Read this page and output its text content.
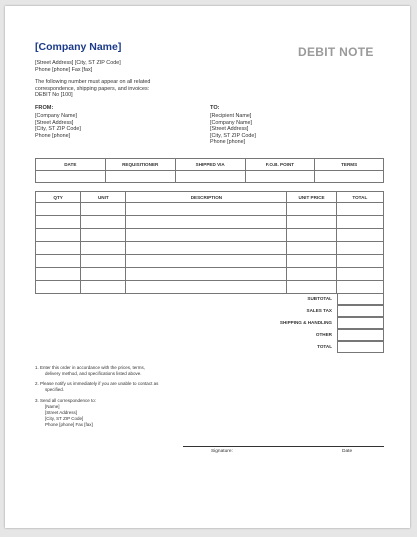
[Company Name]
[Street Address] [City, ST ZIP Code]
Phone [phone] Fax [fax]
DEBIT NOTE
The following number must appear on all related
correspondence, shipping papers, and invoices:
DEBIT No [100]
FROM:
[Company Name]
[Street Address]
[City, ST ZIP Code]
Phone [phone]
TO:
[Recipient Name]
[Company Name]
[Street Address]
[City, ST ZIP Code]
Phone [phone]
DATE	REQUISITIONER	SHIPPED VIA	F.O.B. POINT	TERMS

QTY	UNIT	DESCRIPTION	UNIT PRICE	TOTAL

SUBTOTAL
SALES TAX
SHIPPING & HANDLING
OTHER
TOTAL
1. Enter this order in accordance with the prices, terms,
delivery method, and specifications listed above.
2. Please notify us immediately if you are unable to contact as
specified.
3. Send all correspondence to:
[Name]
[Street Address]
[City, ST ZIP Code]
Phone [phone] Fax [fax]
Signature:	Date
